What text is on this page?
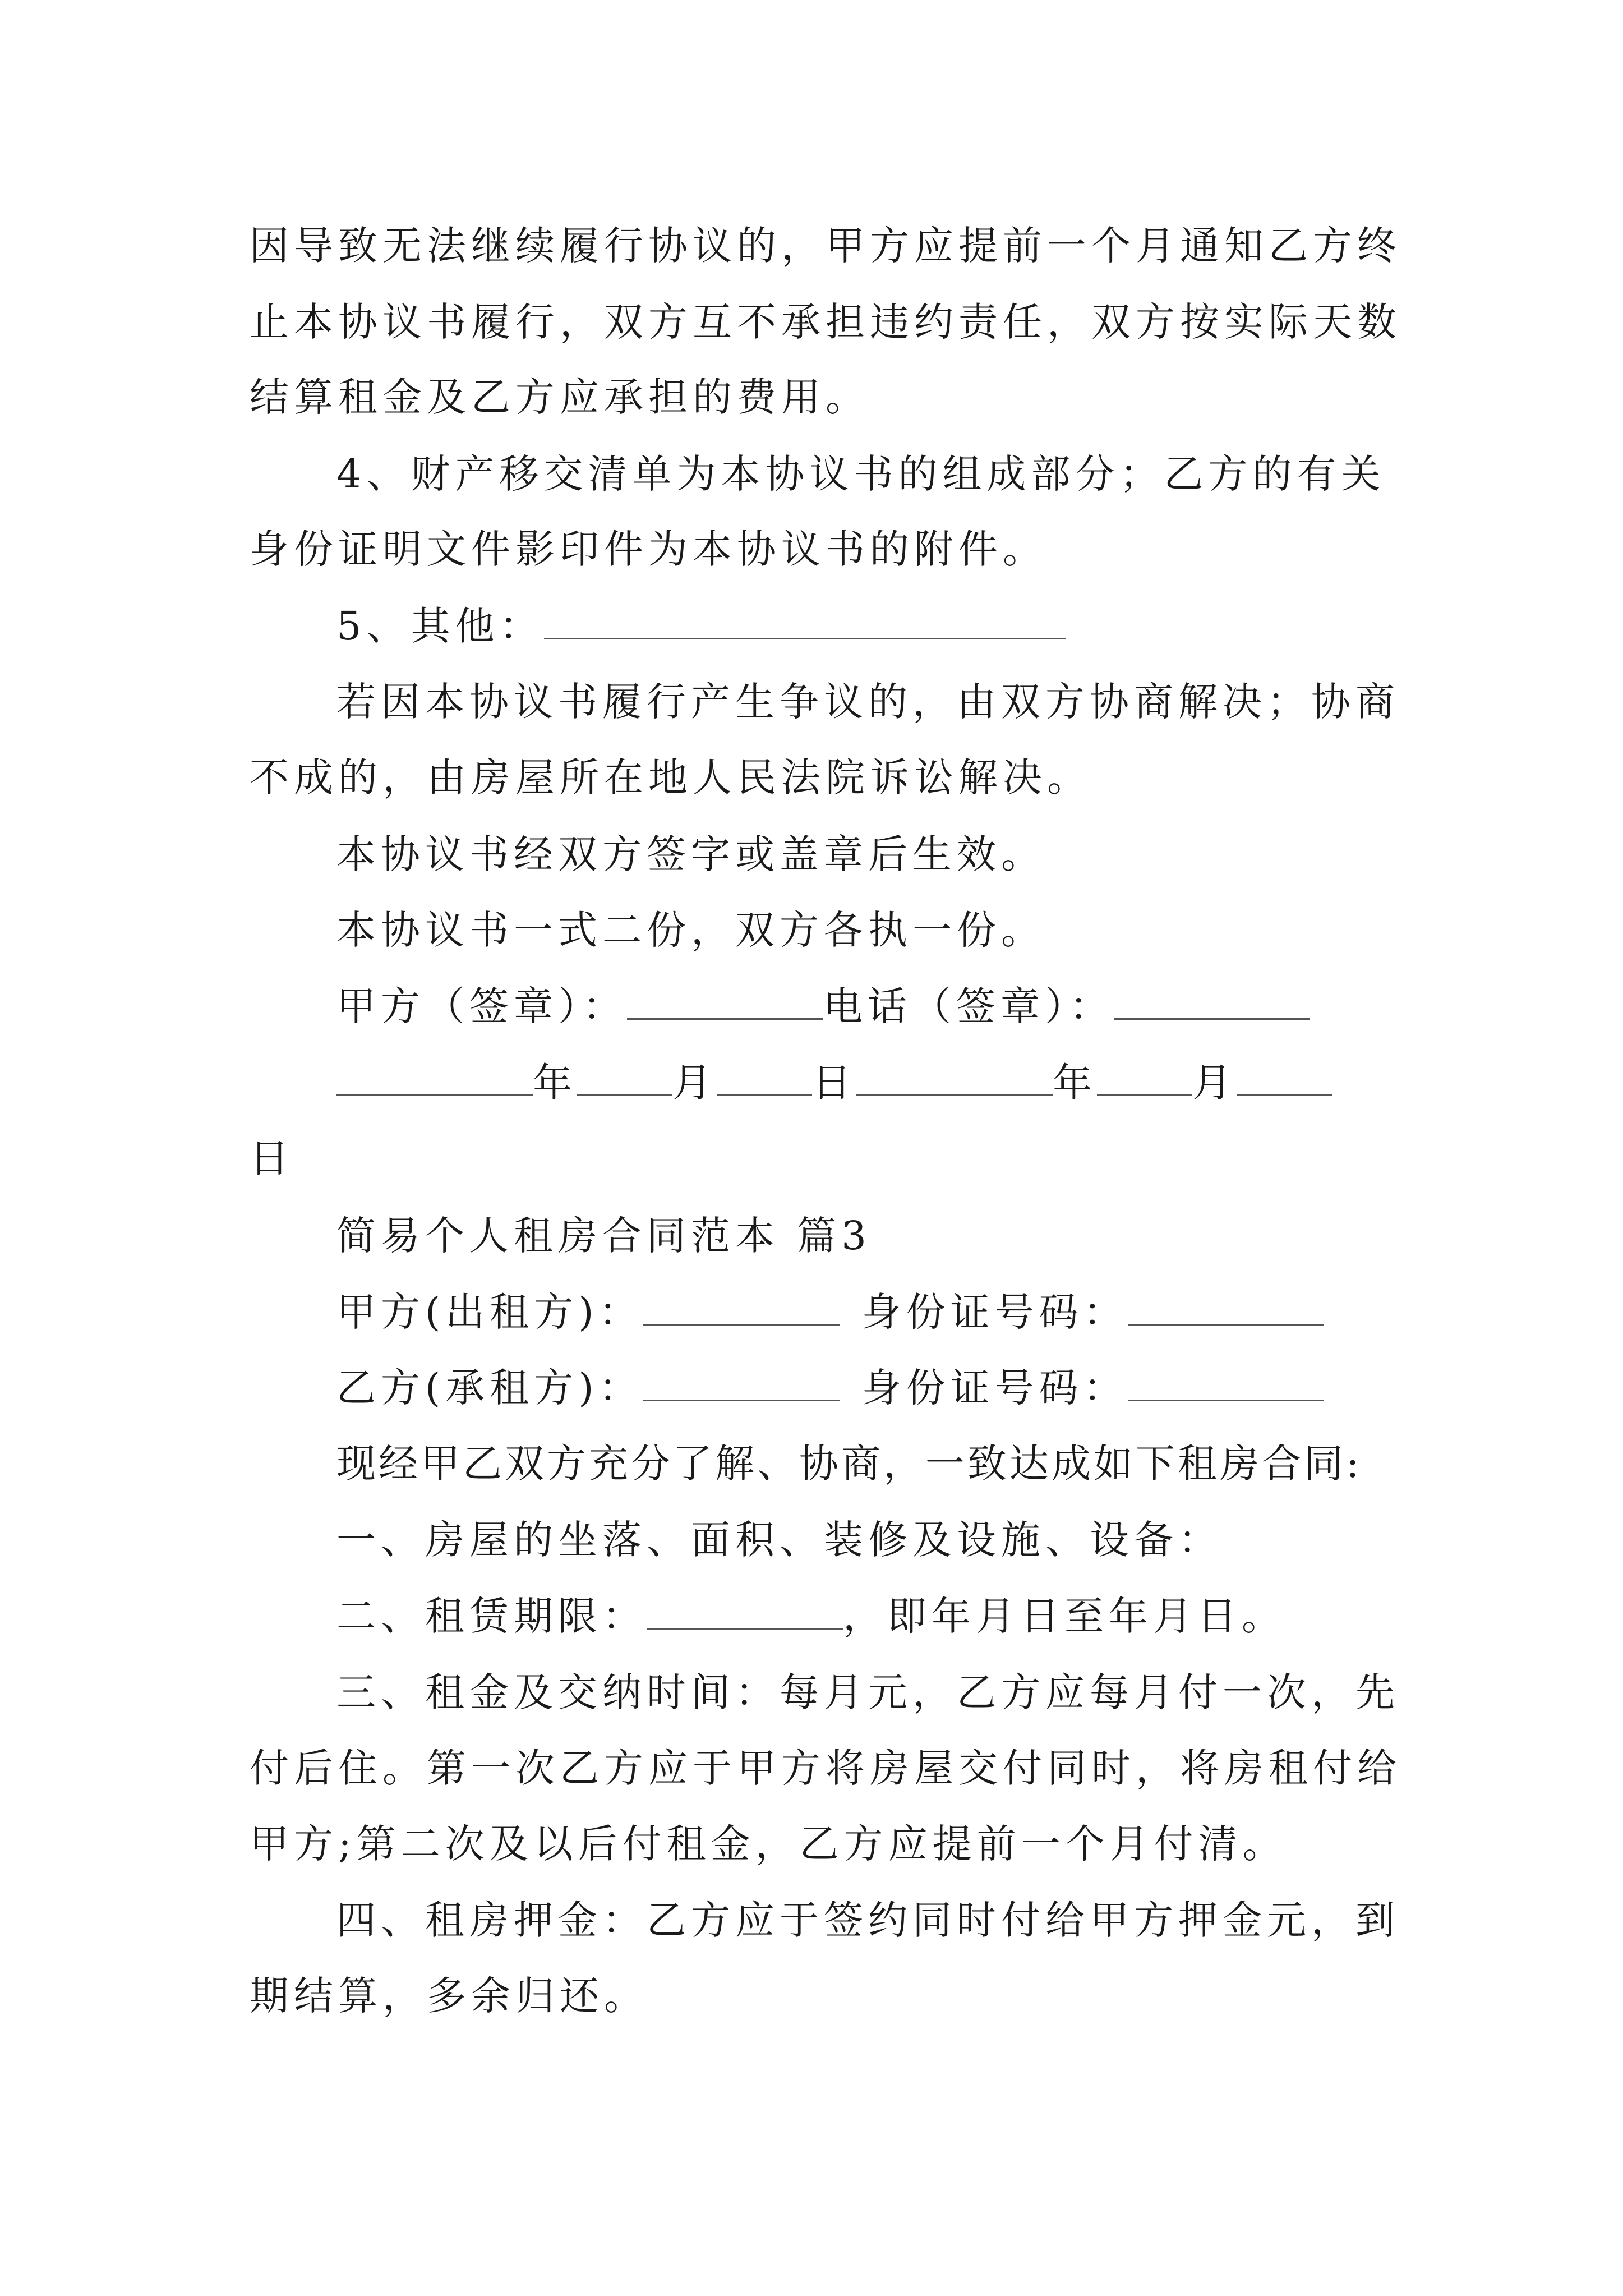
因导致无法继续履行协议的，甲方应提前一个月通知乙方终
止本协议书履行，双方互不承担违约责任，双方按实际天数
结算租金及乙方应承担的费用。
4、财产移交清单为本协议书的组成部分；乙方的有关
身份证明文件影印件为本协议书的附件。
5、其他：
若因本协议书履行产生争议的，由双方协商解决；协商
不成的，由房屋所在地人民法院诉讼解决。
本协议书经双方签字或盖章后生效。
本协议书一式二份，双方各执一份。
甲方（签章）：	电话（签章）：
年 月 日	年 月
日
简易个人租房合同范本 篇3
甲方(出租方)：	身份证号码：
乙方(承租方)：	身份证号码：
现经甲乙双方充分了解、协商，一致达成如下租房合同:
一、房屋的坐落、面积、装修及设施、设备：
二、租赁期限：	，即年月日至年月日。
三、租金及交纳时间：每月元，乙方应每月付一次，先
付后住。第一次乙方应于甲方将房屋交付同时，将房租付给
甲方;第二次及以后付租金，乙方应提前一个月付清。
四、租房押金：乙方应于签约同时付给甲方押金元，到
期结算，多余归还。
